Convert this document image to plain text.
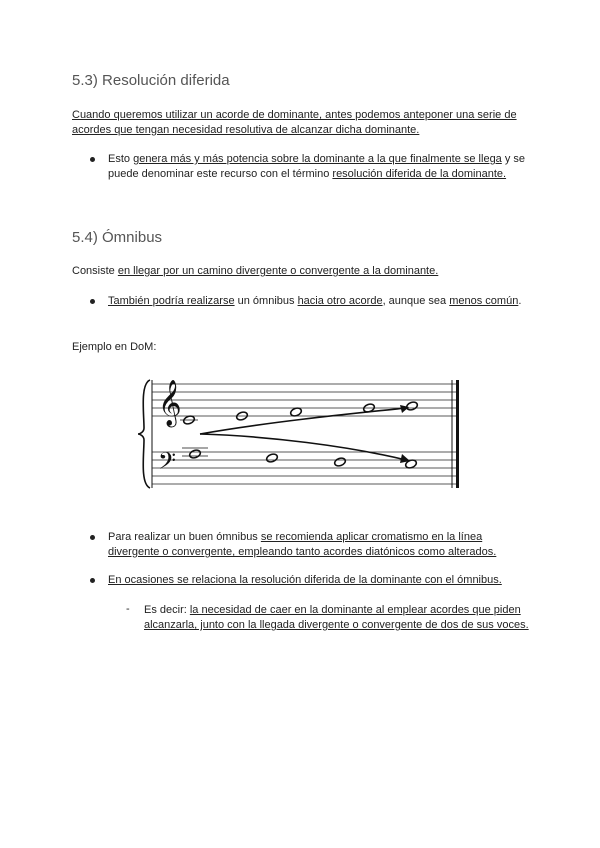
5.3) Resolución diferida

Cuando queremos utilizar un acorde de dominante, antes podemos anteponer una serie de acordes que tengan necesidad resolutiva de alcanzar dicha dominante.

Esto genera más y más potencia sobre la dominante a la que finalmente se llega y se puede denominar este recurso con el término resolución diferida de la dominante.

5.4) Ómnibus

Consiste en llegar por un camino divergente o convergente a la dominante.

También podría realizarse un ómnibus hacia otro acorde, aunque sea menos común.

Ejemplo en DoM:

𝄞
𝄢

Para realizar un buen ómnibus se recomienda aplicar cromatismo en la línea divergente o convergente, empleando tanto acordes diatónicos como alterados.

En ocasiones se relaciona la resolución diferida de la dominante con el ómnibus.

- Es decir: la necesidad de caer en la dominante al emplear acordes que piden alcanzarla, junto con la llegada divergente o convergente de dos de sus voces.
